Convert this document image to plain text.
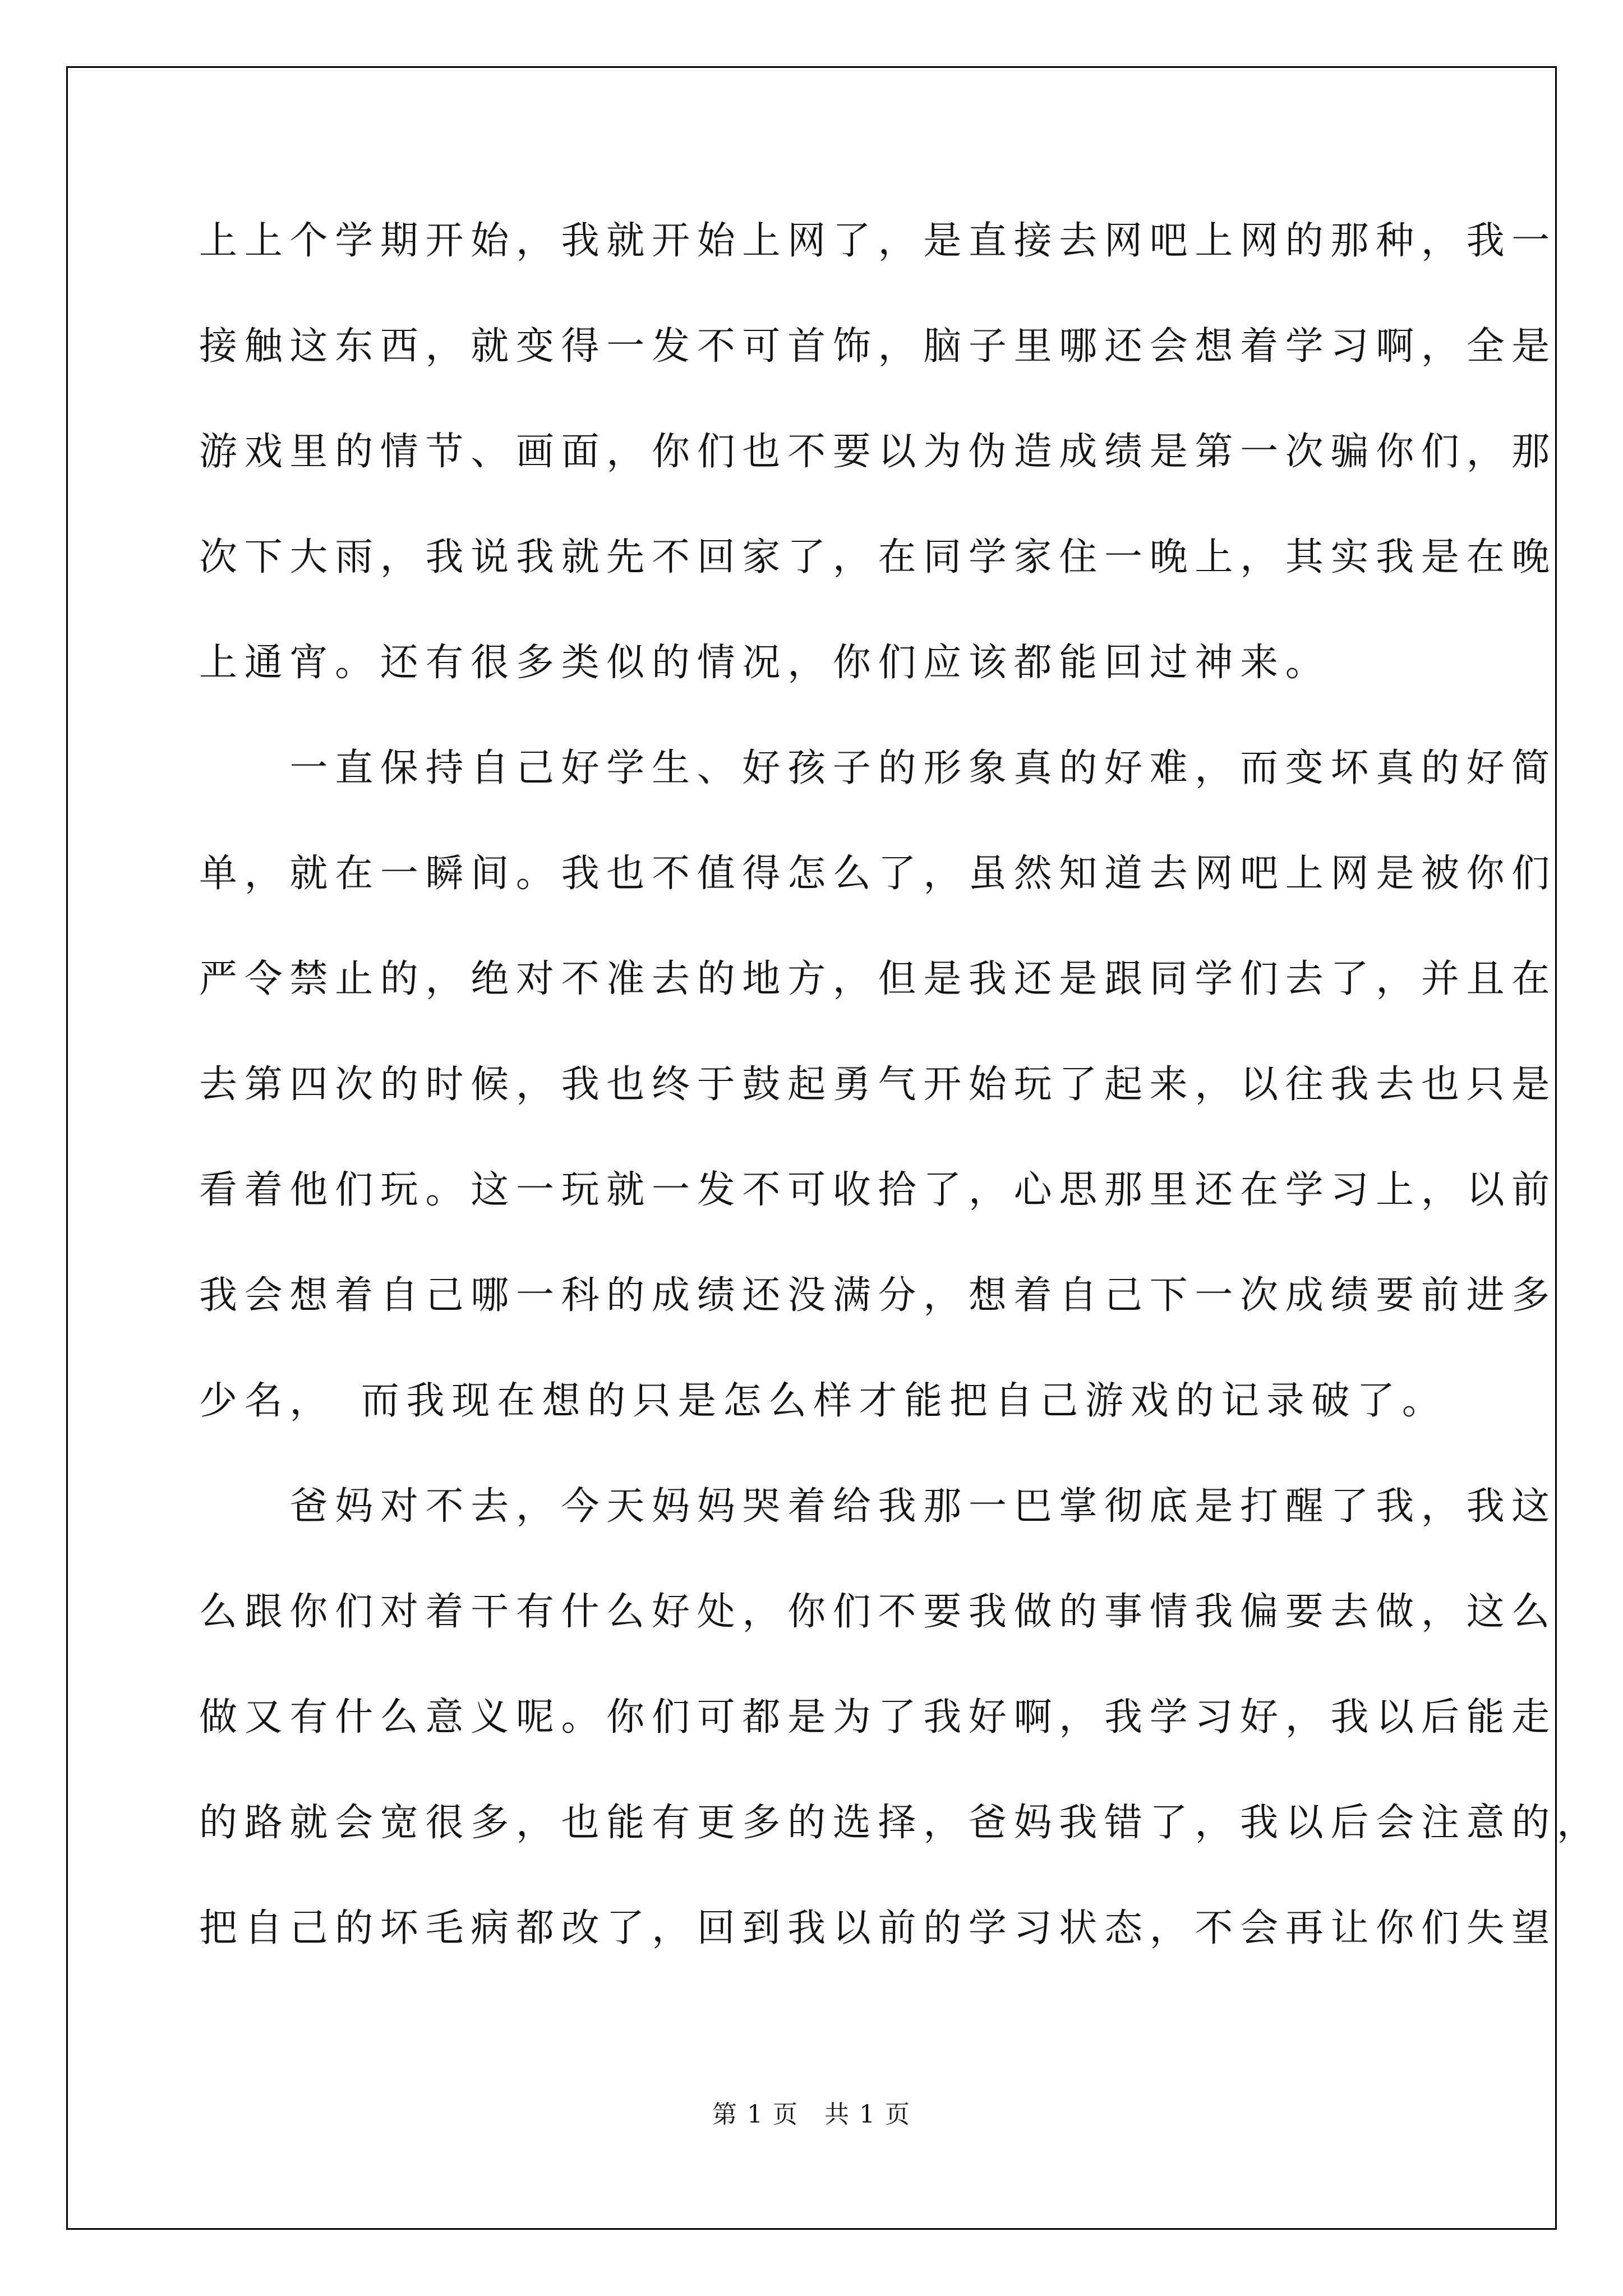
上上个学期开始，我就开始上网了，是直接去网吧上网的那种，我一
接触这东西，就变得一发不可首饰，脑子里哪还会想着学习啊，全是
游戏里的情节、画面，你们也不要以为伪造成绩是第一次骗你们，那
次下大雨，我说我就先不回家了，在同学家住一晚上，其实我是在晚
上通宵。还有很多类似的情况，你们应该都能回过神来。
　　一直保持自己好学生、好孩子的形象真的好难，而变坏真的好简
单，就在一瞬间。我也不值得怎么了，虽然知道去网吧上网是被你们
严令禁止的，绝对不准去的地方，但是我还是跟同学们去了，并且在
去第四次的时候，我也终于鼓起勇气开始玩了起来，以往我去也只是
看着他们玩。这一玩就一发不可收拾了，心思那里还在学习上，以前
我会想着自己哪一科的成绩还没满分，想着自己下一次成绩要前进多
少名，　而我现在想的只是怎么样才能把自己游戏的记录破了。
　　爸妈对不去，今天妈妈哭着给我那一巴掌彻底是打醒了我，我这
么跟你们对着干有什么好处，你们不要我做的事情我偏要去做，这么
做又有什么意义呢。你们可都是为了我好啊，我学习好，我以后能走
的路就会宽很多，也能有更多的选择，爸妈我错了，我以后会注意的，
把自己的坏毛病都改了，回到我以前的学习状态，不会再让你们失望
第 1 页　共 1 页
